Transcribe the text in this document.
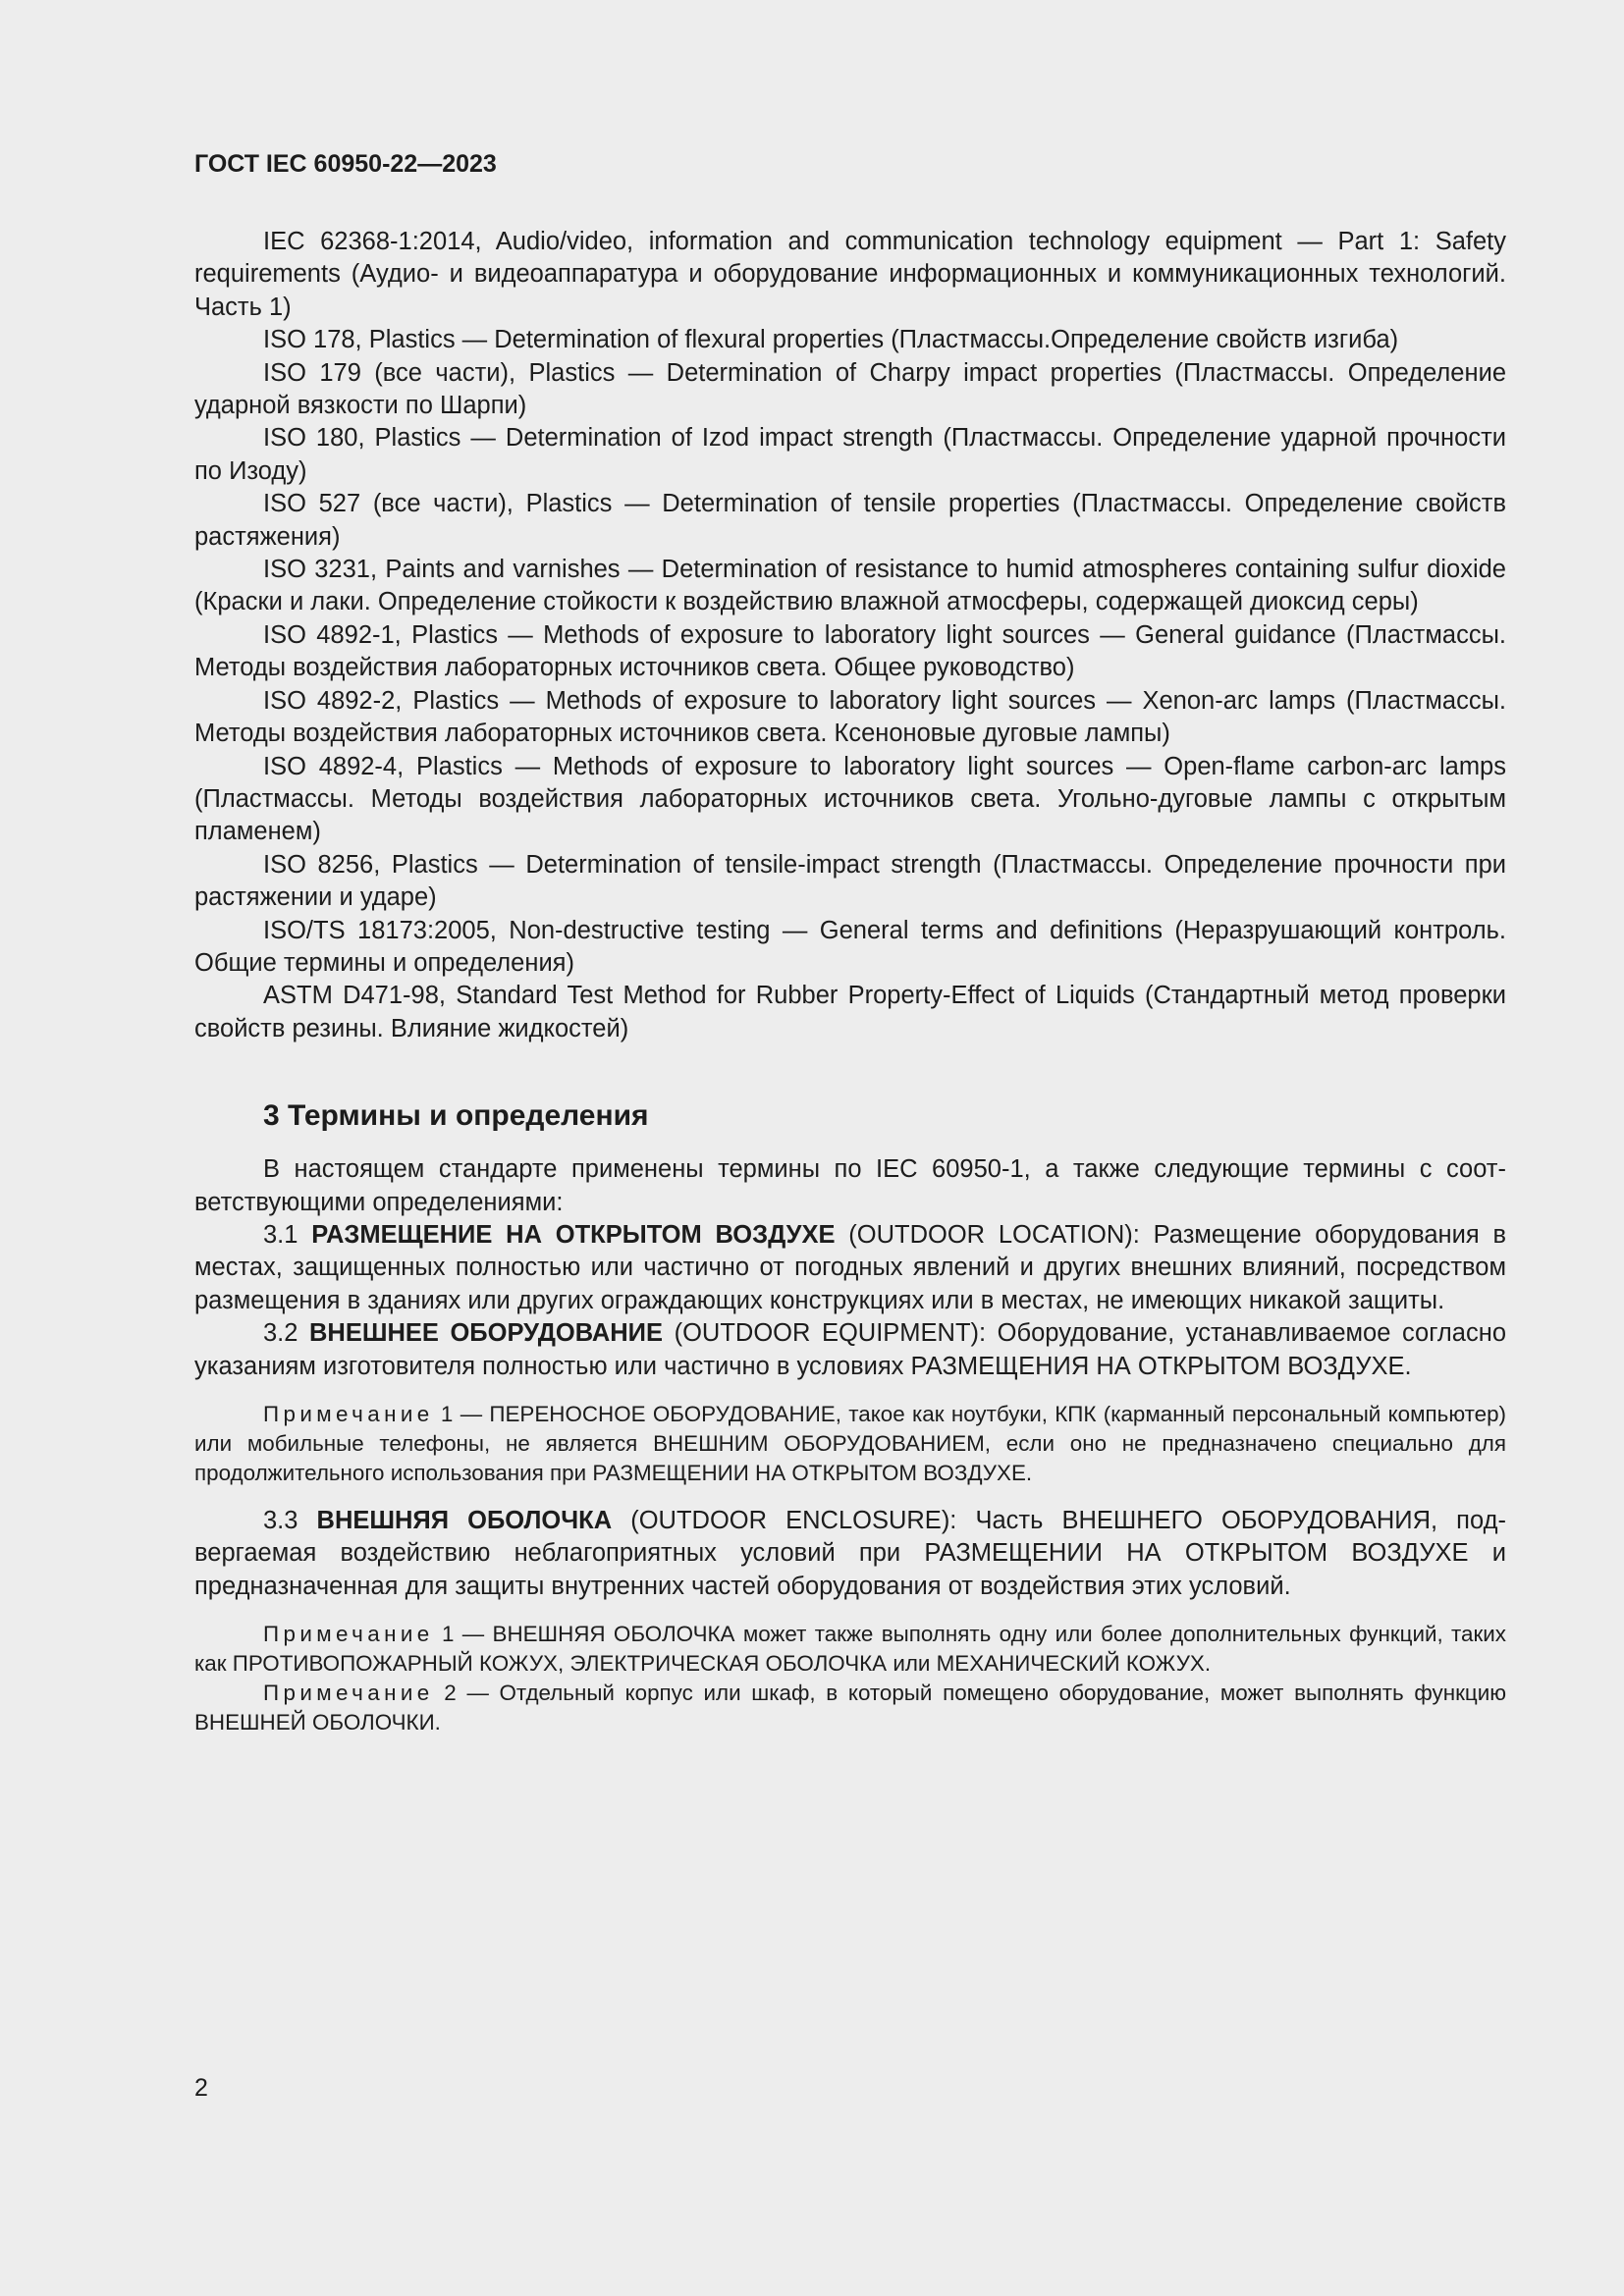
ГОСТ IEC 60950-22—2023

IEC 62368-1:2014, Audio/video, information and communication technology equipment — Part 1: Safety requirements (Аудио- и видеоаппаратура и оборудование информационных и коммуникационных технологий. Часть 1)

ISO 178, Plastics — Determination of flexural properties (Пластмассы.Определение свойств изгиба)

ISO 179 (все части), Plastics — Determination of Charpy impact properties (Пластмассы. Определение ударной вязкости по Шарпи)

ISO 180, Plastics — Determination of Izod impact strength (Пластмассы. Определение ударной прочности по Изоду)

ISO 527 (все части), Plastics — Determination of tensile properties (Пластмассы. Определение свойств растяжения)

ISO 3231, Paints and varnishes — Determination of resistance to humid atmospheres containing sulfur dioxide (Краски и лаки. Определение стойкости к воздействию влажной атмосферы, содержащей диоксид серы)

ISO 4892-1, Plastics — Methods of exposure to laboratory light sources — General guidance (Пластмассы. Методы воздействия лабораторных источников света. Общее руководство)

ISO 4892-2, Plastics — Methods of exposure to laboratory light sources — Xenon-arc lamps (Пластмассы. Методы воздействия лабораторных источников света. Ксеноновые дуговые лампы)

ISO 4892-4, Plastics — Methods of exposure to laboratory light sources — Open-flame carbon-arc lamps (Пластмассы. Методы воздействия лабораторных источников света. Угольно-дуговые лампы с открытым пламенем)

ISO 8256, Plastics — Determination of tensile-impact strength (Пластмассы. Определение прочности при растяжении и ударе)

ISO/TS 18173:2005, Non-destructive testing — General terms and definitions (Неразрушающий контроль. Общие термины и определения)

ASTM D471-98, Standard Test Method for Rubber Property-Effect of Liquids (Стандартный метод проверки свойств резины. Влияние жидкостей)

3 Термины и определения

В настоящем стандарте применены термины по IEC 60950-1, а также следующие термины с соответствующими определениями:

3.1 РАЗМЕЩЕНИЕ НА ОТКРЫТОМ ВОЗДУХЕ (OUTDOOR LOCATION): Размещение оборудования в местах, защищенных полностью или частично от погодных явлений и других внешних влияний, посредством размещения в зданиях или других ограждающих конструкциях или в местах, не имеющих никакой защиты.

3.2 ВНЕШНЕЕ ОБОРУДОВАНИЕ (OUTDOOR EQUIPMENT): Оборудование, устанавливаемое согласно указаниям изготовителя полностью или частично в условиях РАЗМЕЩЕНИЯ НА ОТКРЫТОМ ВОЗДУХЕ.

Примечание 1 — ПЕРЕНОСНОЕ ОБОРУДОВАНИЕ, такое как ноутбуки, КПК (карманный персональный компьютер) или мобильные телефоны, не является ВНЕШНИМ ОБОРУДОВАНИЕМ, если оно не предназначено специально для продолжительного использования при РАЗМЕЩЕНИИ НА ОТКРЫТОМ ВОЗДУХЕ.

3.3 ВНЕШНЯЯ ОБОЛОЧКА (OUTDOOR ENCLOSURE): Часть ВНЕШНЕГО ОБОРУДОВАНИЯ, подвергаемая воздействию неблагоприятных условий при РАЗМЕЩЕНИИ НА ОТКРЫТОМ ВОЗДУХЕ и предназначенная для защиты внутренних частей оборудования от воздействия этих условий.

Примечание 1 — ВНЕШНЯЯ ОБОЛОЧКА может также выполнять одну или более дополнительных функций, таких как ПРОТИВОПОЖАРНЫЙ КОЖУХ, ЭЛЕКТРИЧЕСКАЯ ОБОЛОЧКА или МЕХАНИЧЕСКИЙ КОЖУХ.

Примечание 2 — Отдельный корпус или шкаф, в который помещено оборудование, может выполнять функцию ВНЕШНЕЙ ОБОЛОЧКИ.

2
